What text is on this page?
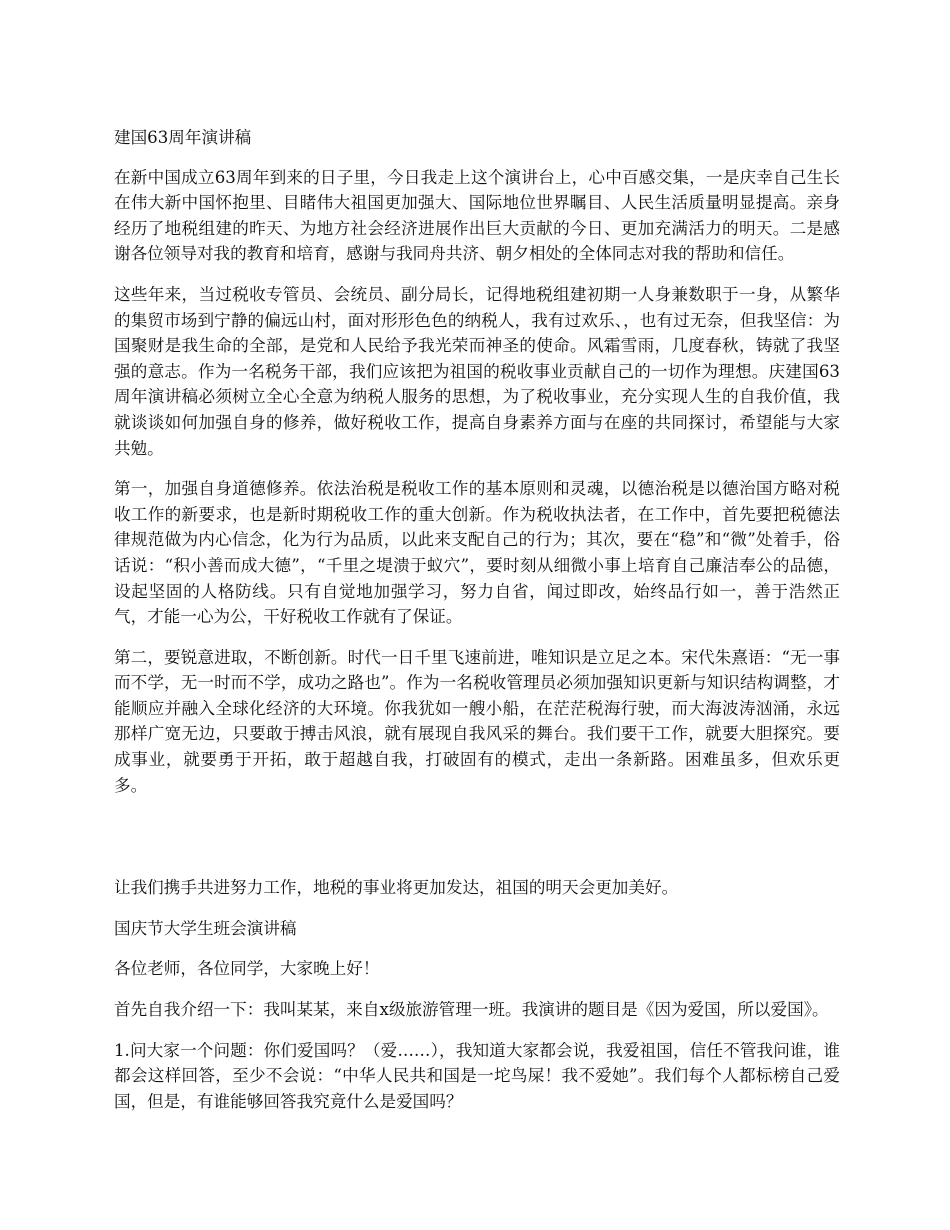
建国63周年演讲稿

在新中国成立63周年到来的日子里，今日我走上这个演讲台上，心中百感交集，一是庆幸自己生长在伟大新中国怀抱里、目睹伟大祖国更加强大、国际地位世界瞩目、人民生活质量明显提高。亲身经历了地税组建的昨天、为地方社会经济进展作出巨大贡献的今日、更加充满活力的明天。二是感谢各位领导对我的教育和培育，感谢与我同舟共济、朝夕相处的全体同志对我的帮助和信任。

这些年来，当过税收专管员、会统员、副分局长，记得地税组建初期一人身兼数职于一身，从繁华的集贸市场到宁静的偏远山村，面对形形色色的纳税人，我有过欢乐、，也有过无奈，但我坚信：为国聚财是我生命的全部，是党和人民给予我光荣而神圣的使命。风霜雪雨，几度春秋，铸就了我坚强的意志。作为一名税务干部，我们应该把为祖国的税收事业贡献自己的一切作为理想。庆建国63周年演讲稿必须树立全心全意为纳税人服务的思想，为了税收事业，充分实现人生的自我价值，我就谈谈如何加强自身的修养，做好税收工作，提高自身素养方面与在座的共同探讨，希望能与大家共勉。

第一，加强自身道德修养。依法治税是税收工作的基本原则和灵魂，以德治税是以德治国方略对税收工作的新要求，也是新时期税收工作的重大创新。作为税收执法者，在工作中，首先要把税德法律规范做为内心信念，化为行为品质，以此来支配自己的行为；其次，要在“稳”和“微”处着手，俗话说：“积小善而成大德”，“千里之堤溃于蚁穴”，要时刻从细微小事上培育自己廉洁奉公的品德，设起坚固的人格防线。只有自觉地加强学习，努力自省，闻过即改，始终品行如一，善于浩然正气，才能一心为公，干好税收工作就有了保证。

第二，要锐意进取，不断创新。时代一日千里飞速前进，唯知识是立足之本。宋代朱熹语：“无一事而不学，无一时而不学，成功之路也”。作为一名税收管理员必须加强知识更新与知识结构调整，才能顺应并融入全球化经济的大环境。你我犹如一艘小船，在茫茫税海行驶，而大海波涛汹涌，永远那样广宽无边，只要敢于搏击风浪，就有展现自我风采的舞台。我们要干工作，就要大胆探究。要成事业，就要勇于开拓，敢于超越自我，打破固有的模式，走出一条新路。困难虽多，但欢乐更多。

让我们携手共进努力工作，地税的事业将更加发达，祖国的明天会更加美好。

国庆节大学生班会演讲稿

各位老师，各位同学，大家晚上好！

首先自我介绍一下：我叫某某，来自x级旅游管理一班。我演讲的题目是《因为爱国，所以爱国》。

1.问大家一个问题：你们爱国吗？（爱……），我知道大家都会说，我爱祖国，信任不管我问谁，谁都会这样回答，至少不会说：“中华人民共和国是一坨鸟屎！我不爱她”。我们每个人都标榜自己爱国，但是，有谁能够回答我究竟什么是爱国吗？
